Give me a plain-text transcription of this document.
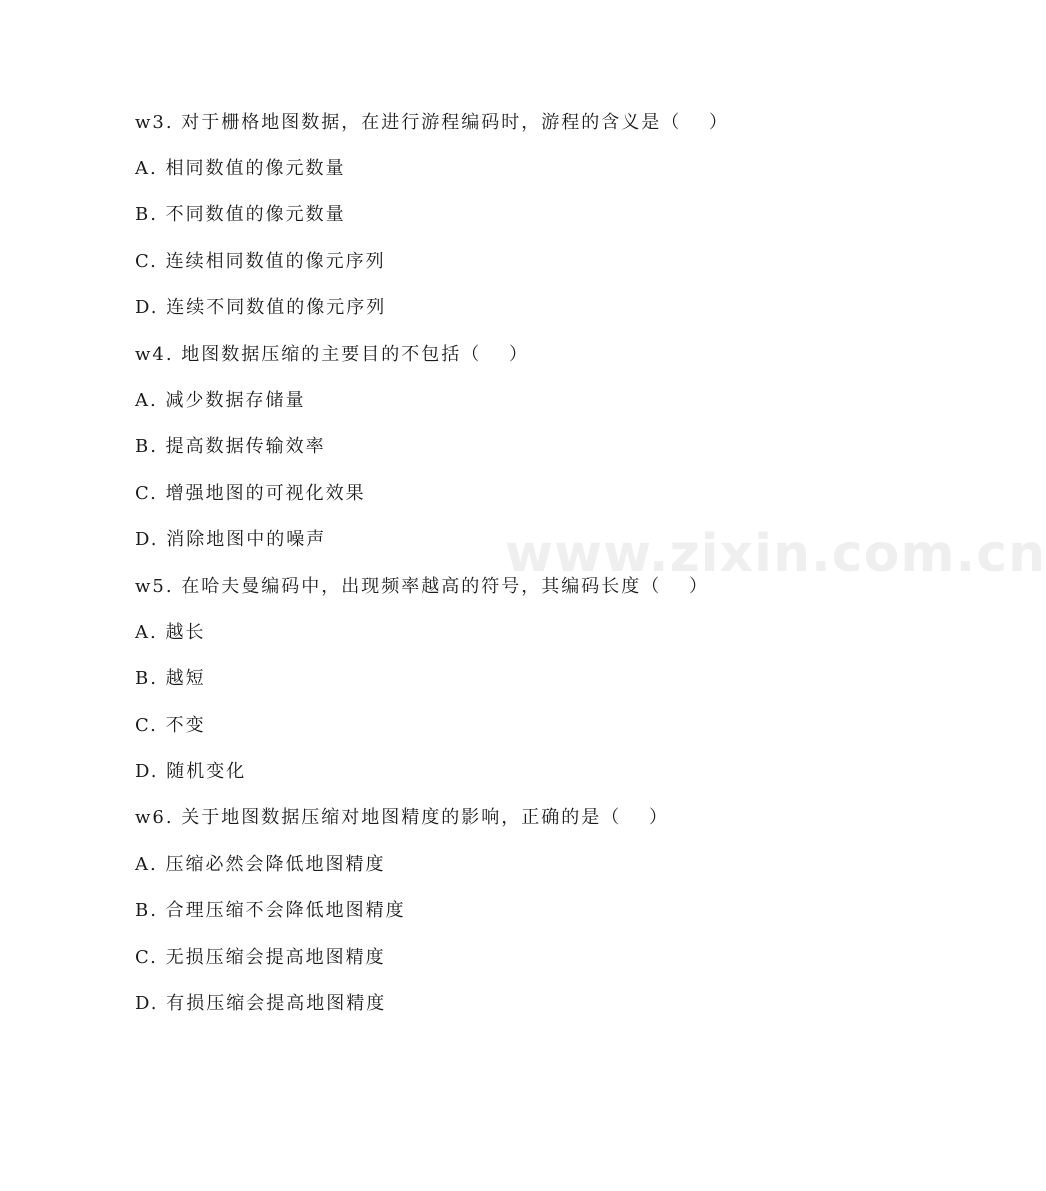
w3. 对于栅格地图数据，在进行游程编码时，游程的含义是（　 ）
A. 相同数值的像元数量
B. 不同数值的像元数量
C. 连续相同数值的像元序列
D. 连续不同数值的像元序列
w4. 地图数据压缩的主要目的不包括（　 ）
A. 减少数据存储量
B. 提高数据传输效率
C. 增强地图的可视化效果
D. 消除地图中的噪声
w5. 在哈夫曼编码中，出现频率越高的符号，其编码长度（　 ）
A. 越长
B. 越短
C. 不变
D. 随机变化
w6. 关于地图数据压缩对地图精度的影响，正确的是（　 ）
A. 压缩必然会降低地图精度
B. 合理压缩不会降低地图精度
C. 无损压缩会提高地图精度
D. 有损压缩会提高地图精度
www.zixin.com.cn
